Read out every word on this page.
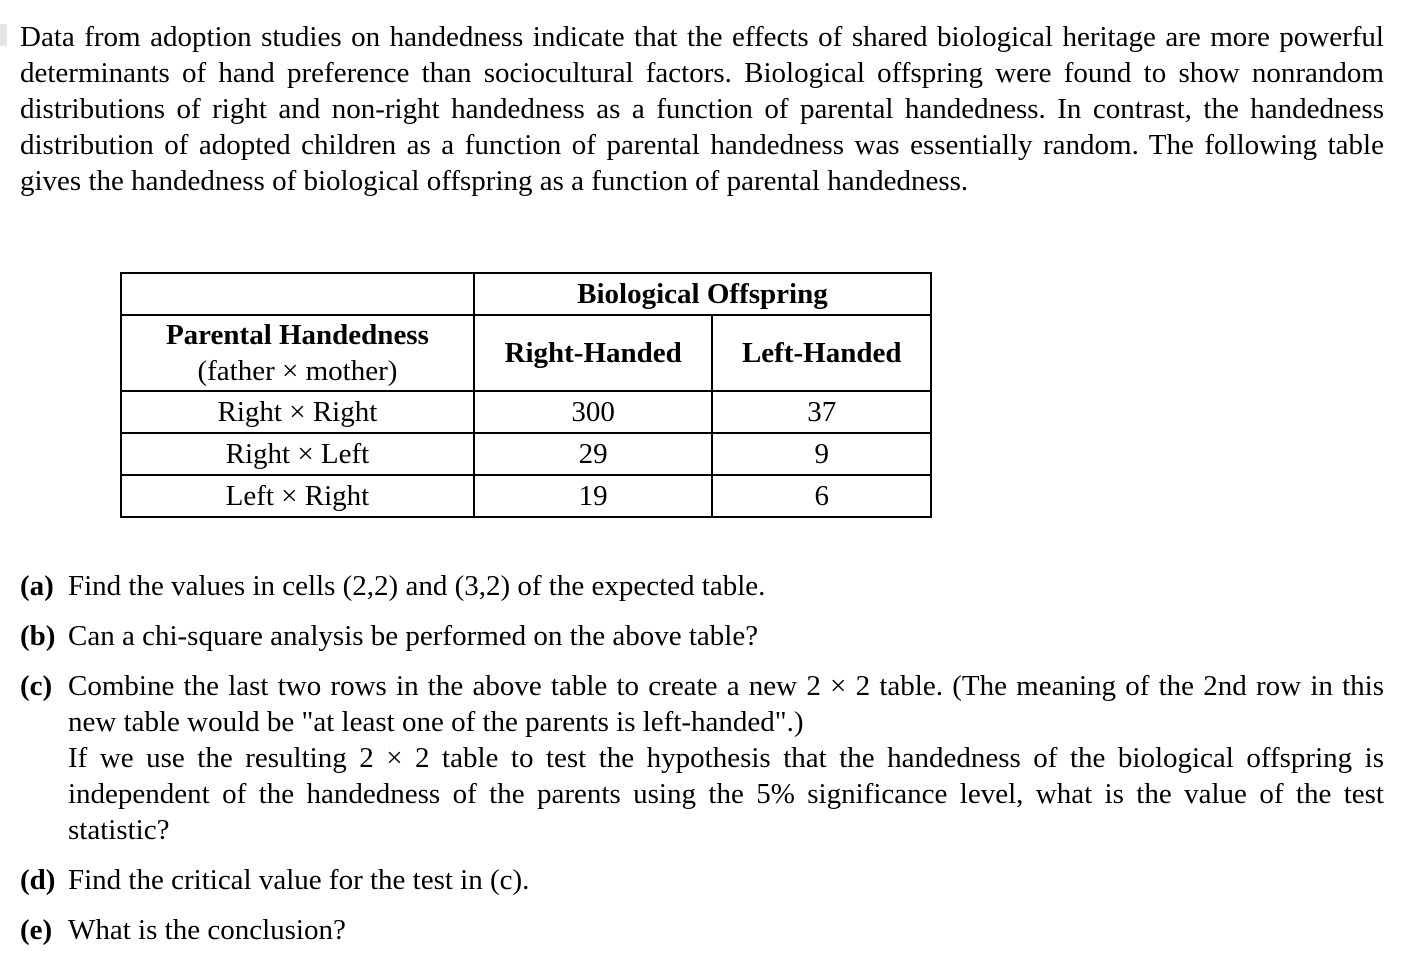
Data from adoption studies on handedness indicate that the effects of shared biological heritage are more powerful determinants of hand preference than sociocultural factors. Biological offspring were found to show nonrandom distributions of right and non-right handedness as a function of parental handedness. In contrast, the handedness distribution of adopted children as a function of parental handedness was essentially random. The following table gives the handedness of biological offspring as a function of parental handedness.

	Biological Offspring	

Parental Handedness
(father × mother)	Right-Handed	Left-Handed
Right × Right	300	37
Right × Left	29	9
Left × Right	19	6
(a) Find the values in cells (2,2) and (3,2) of the expected table.
(b) Can a chi-square analysis be performed on the above table?
(c) Combine the last two rows in the above table to create a new 2 × 2 table. (The meaning of the 2nd row in this new table would be "at least one of the parents is left-handed".)

If we use the resulting 2 × 2 table to test the hypothesis that the handedness of the biological offspring is independent of the handedness of the parents using the 5% significance level, what is the value of the test statistic?

(d) Find the critical value for the test in (c).
(e) What is the conclusion?
